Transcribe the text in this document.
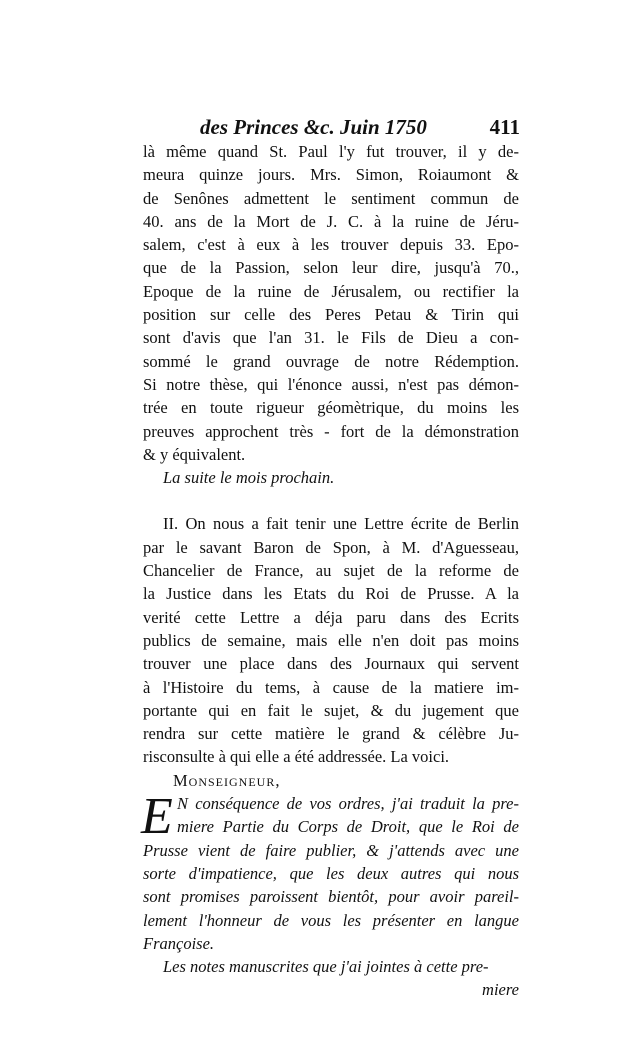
des Princes &c. Juin 1750	411
là même quand St. Paul l'y fut trouver, il y de-
meura quinze jours. Mrs. Simon, Roiaumont &
de Senônes admettent le sentiment commun de
40. ans de la Mort de J. C. à la ruine de Jéru-
salem, c'est à eux à les trouver depuis 33. Epo-
que de la Passion, selon leur dire, jusqu'à 70.,
Epoque de la ruine de Jérusalem, ou rectifier la
position sur celle des Peres Petau & Tirin qui
sont d'avis que l'an 31. le Fils de Dieu a con-
sommé le grand ouvrage de notre Rédemption.
Si notre thèse, qui l'énonce aussi, n'est pas démon-
trée en toute rigueur géomètrique, du moins les
preuves approchent très - fort de la démonstration
& y équivalent.
La suite le mois prochain.
II. On nous a fait tenir une Lettre écrite de Berlin
par le savant Baron de Spon, à M. d'Aguesseau,
Chancelier de France, au sujet de la reforme de
la Justice dans les Etats du Roi de Prusse. A la
verité cette Lettre a déja paru dans des Ecrits
publics de semaine, mais elle n'en doit pas moins
trouver une place dans des Journaux qui servent
à l'Histoire du tems, à cause de la matiere im-
portante qui en fait le sujet, & du jugement que
rendra sur cette matière le grand & célèbre Ju-
risconsulte à qui elle a été addressée. La voici.
Monseigneur,
E N conséquence de vos ordres, j'ai traduit la pre-
miere Partie du Corps de Droit, que le Roi de
Prusse vient de faire publier, & j'attends avec une
sorte d'impatience, que les deux autres qui nous
sont promises paroissent bientôt, pour avoir pareil-
lement l'honneur de vous les présenter en langue
Françoise.
Les notes manuscrites que j'ai jointes à cette pre-
miere
